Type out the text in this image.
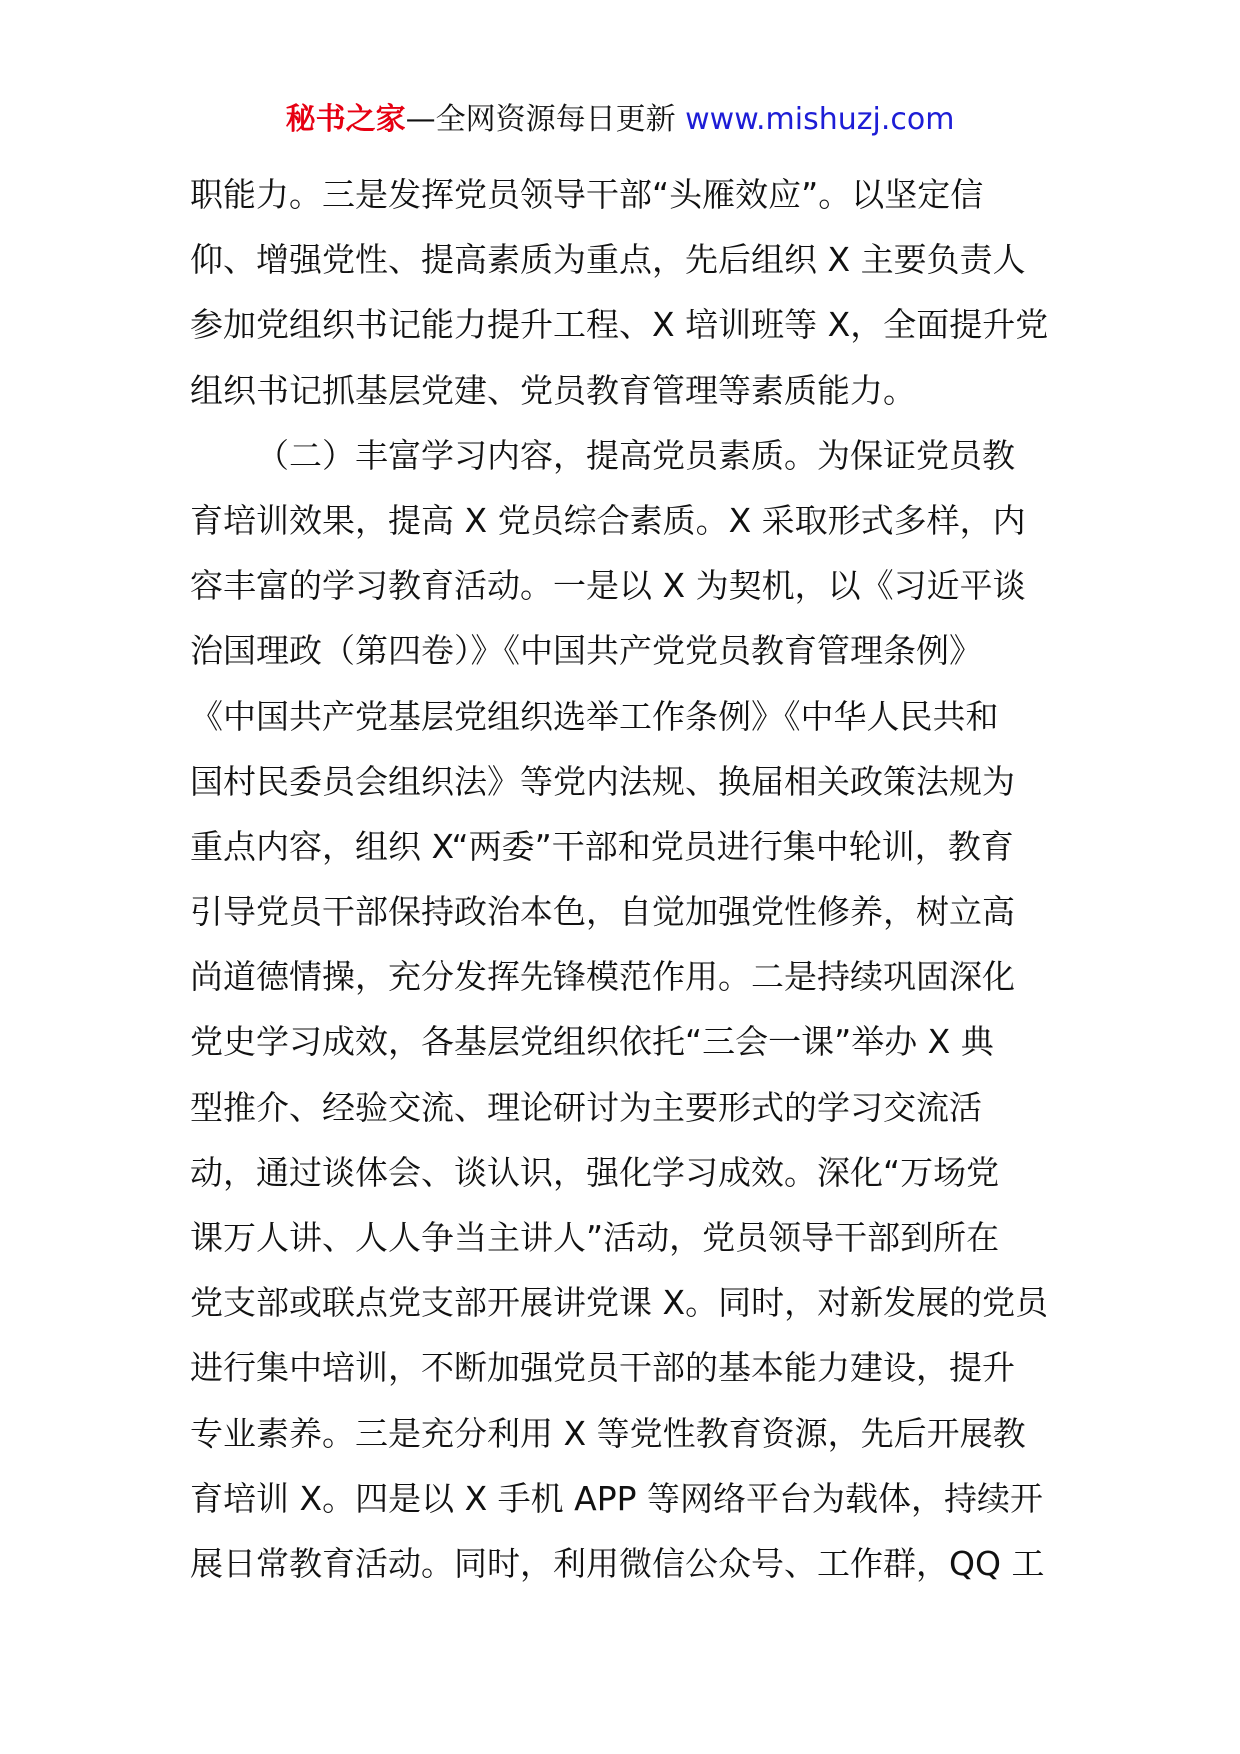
秘书之家—全网资源每日更新 www.mishuzj.com
职能力。三是发挥党员领导干部“头雁效应”。以坚定信
仰、增强党性、提高素质为重点，先后组织 X 主要负责人
参加党组织书记能力提升工程、X 培训班等 X，全面提升党
组织书记抓基层党建、党员教育管理等素质能力。
（二）丰富学习内容，提高党员素质。为保证党员教
育培训效果，提高 X 党员综合素质。X 采取形式多样，内
容丰富的学习教育活动。一是以 X 为契机，以《习近平谈
治国理政（第四卷）》《中国共产党党员教育管理条例》
《中国共产党基层党组织选举工作条例》《中华人民共和
国村民委员会组织法》等党内法规、换届相关政策法规为
重点内容，组织 X“两委”干部和党员进行集中轮训，教育
引导党员干部保持政治本色，自觉加强党性修养，树立高
尚道德情操，充分发挥先锋模范作用。二是持续巩固深化
党史学习成效，各基层党组织依托“三会一课”举办 X 典
型推介、经验交流、理论研讨为主要形式的学习交流活
动，通过谈体会、谈认识，强化学习成效。深化“万场党
课万人讲、人人争当主讲人”活动，党员领导干部到所在
党支部或联点党支部开展讲党课 X。同时，对新发展的党员
进行集中培训，不断加强党员干部的基本能力建设，提升
专业素养。三是充分利用 X 等党性教育资源，先后开展教
育培训 X。四是以 X 手机 APP 等网络平台为载体，持续开
展日常教育活动。同时，利用微信公众号、工作群，QQ 工
